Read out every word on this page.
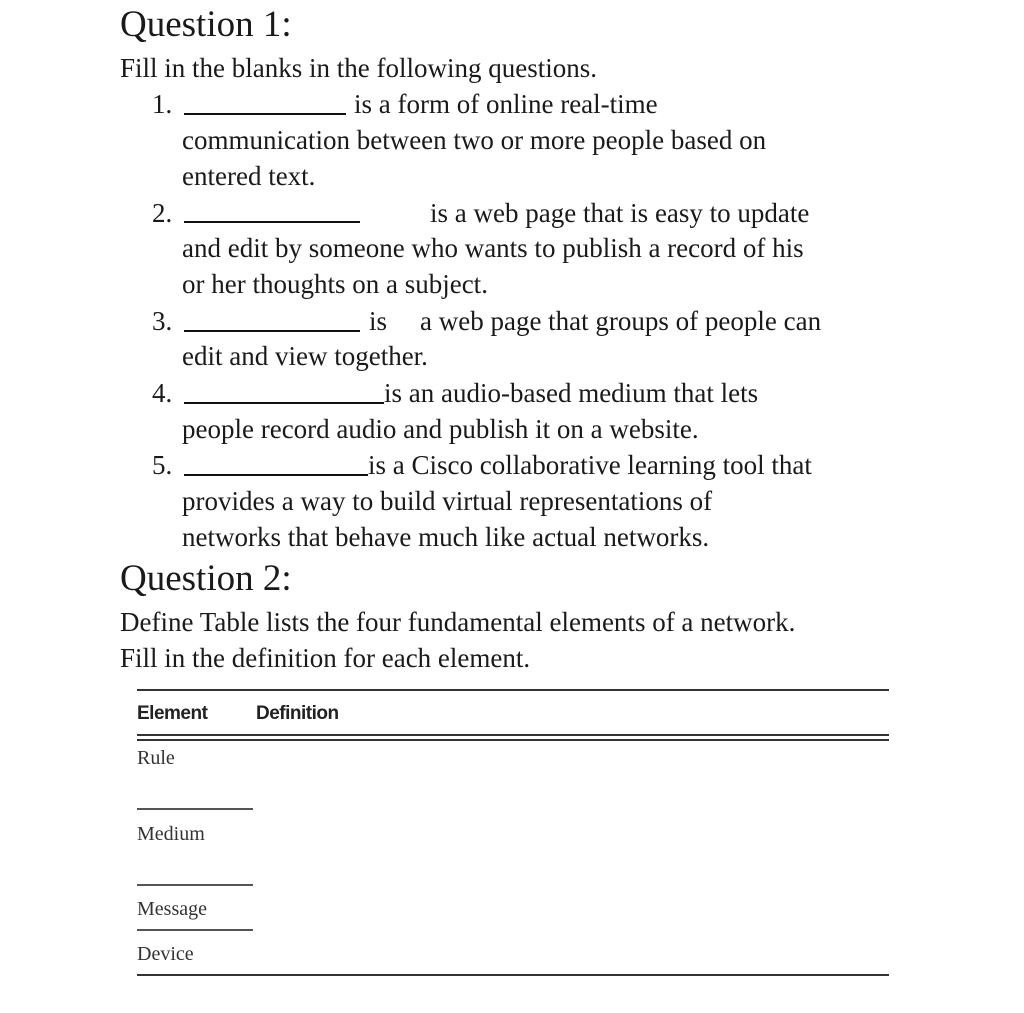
Question 1:
Fill in the blanks in the following questions.
1.	is a form of online real-time
communication between two or more people based on
entered text.
2.	is a web page that is easy to update
and edit by someone who wants to publish a record of his
or her thoughts on a subject.
3.	is a web page that groups of people can
edit and view together.
4.	is an audio-based medium that lets
people record audio and publish it on a website.
5.	is a Cisco collaborative learning tool that
provides a way to build virtual representations of
networks that behave much like actual networks.
Question 2:
Define Table lists the four fundamental elements of a network.
Fill in the definition for each element.
Element	Definition
Rule
Medium
Message
Device
